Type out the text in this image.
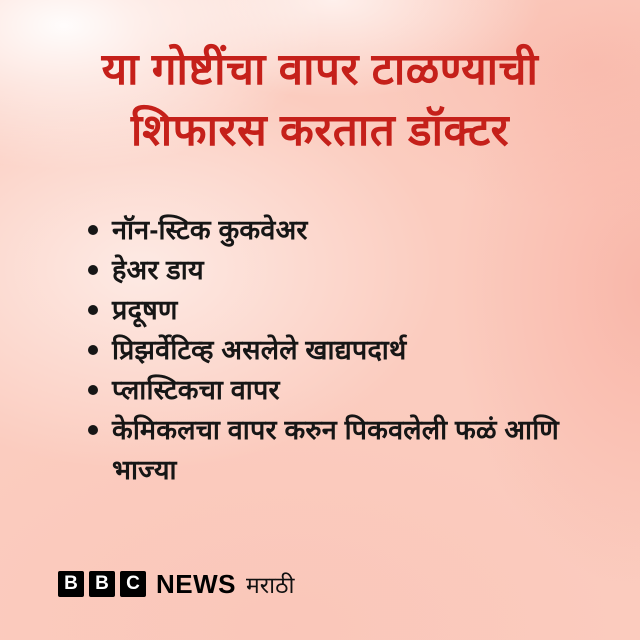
या गोष्टींचा वापर टाळण्याची
शिफारस करतात डॉक्टर
नॉन-स्टिक कुकवेअर
हेअर डाय
प्रदूषण
प्रिझर्वेटिव्ह असलेले खाद्यपदार्थ
प्लास्टिकचा वापर
केमिकलचा वापर करुन पिकवलेली फळं आणि भाज्या
B B C NEWS मराठी
